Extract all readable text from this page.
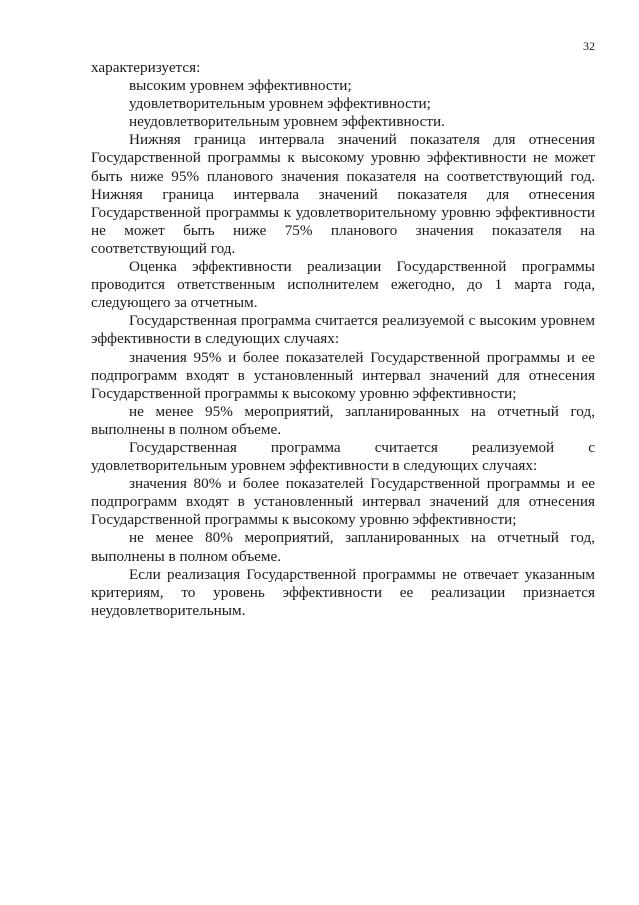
32

характеризуется:

высоким уровнем эффективности;

удовлетворительным уровнем эффективности;

неудовлетворительным уровнем эффективности.

Нижняя граница интервала значений показателя для отнесения Государственной программы к высокому уровню эффективности не может быть ниже 95% планового значения показателя на соответствующий год. Нижняя граница интервала значений показателя для отнесения Государственной программы к удовлетворительному уровню эффективности не может быть ниже 75% планового значения показателя на соответствующий год.

Оценка эффективности реализации Государственной программы проводится ответственным исполнителем ежегодно, до 1 марта года, следующего за отчетным.

Государственная программа считается реализуемой с высоким уровнем эффективности в следующих случаях:

значения 95% и более показателей Государственной программы и ее подпрограмм входят в установленный интервал значений для отнесения Государственной программы к высокому уровню эффективности;

не менее 95% мероприятий, запланированных на отчетный год, выполнены в полном объеме.

Государственная программа считается реализуемой с удовлетворительным уровнем эффективности в следующих случаях:

значения 80% и более показателей Государственной программы и ее подпрограмм входят в установленный интервал значений для отнесения Государственной программы к высокому уровню эффективности;

не менее 80% мероприятий, запланированных на отчетный год, выполнены в полном объеме.

Если реализация Государственной программы не отвечает указанным критериям, то уровень эффективности ее реализации признается неудовлетворительным.
